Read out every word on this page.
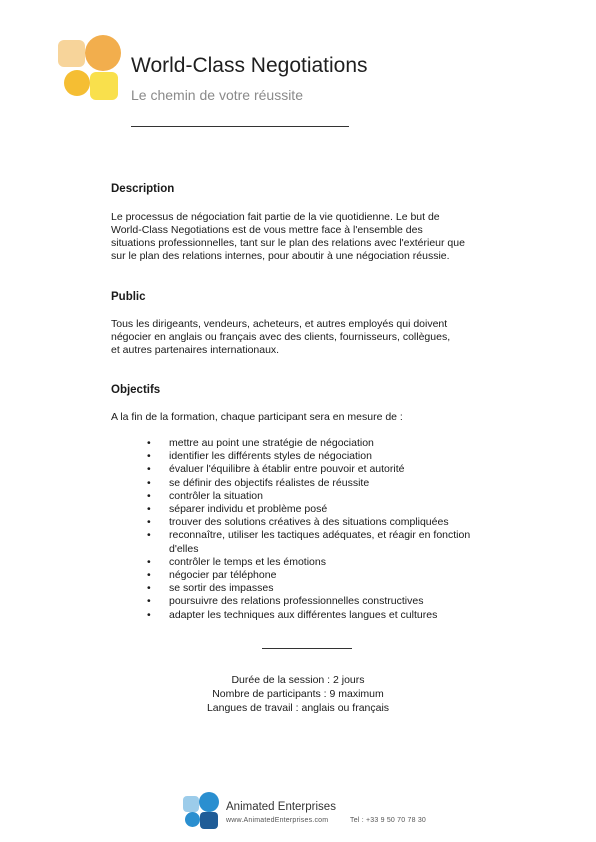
World-Class Negotiations
Le chemin de votre réussite
Description
Le processus de négociation fait partie de la vie quotidienne. Le but de
World-Class Negotiations est de vous mettre face à l'ensemble des
situations professionnelles, tant sur le plan des relations avec l'extérieur que
sur le plan des relations internes, pour aboutir à une négociation réussie.
Public
Tous les dirigeants, vendeurs, acheteurs, et autres employés qui doivent
négocier en anglais ou français avec des clients, fournisseurs, collègues,
et autres partenaires internationaux.
Objectifs
A la fin de la formation, chaque participant sera en mesure de :
• mettre au point une stratégie de négociation
• identifier les différents styles de négociation
• évaluer l'équilibre à établir entre pouvoir et autorité
• se définir des objectifs réalistes de réussite
• contrôler la situation
• séparer individu et problème posé
• trouver des solutions créatives à des situations compliquées
• reconnaître, utiliser les tactiques adéquates, et réagir en fonction d'elles
• contrôler le temps et les émotions
• négocier par téléphone
• se sortir des impasses
• poursuivre des relations professionnelles constructives
• adapter les techniques aux différentes langues et cultures
Durée de la session : 2 jours
Nombre de participants : 9 maximum
Langues de travail : anglais ou français
Animated Enterprises
www.AnimatedEnterprises.com	Tel : +33 9 50 70 78 30
